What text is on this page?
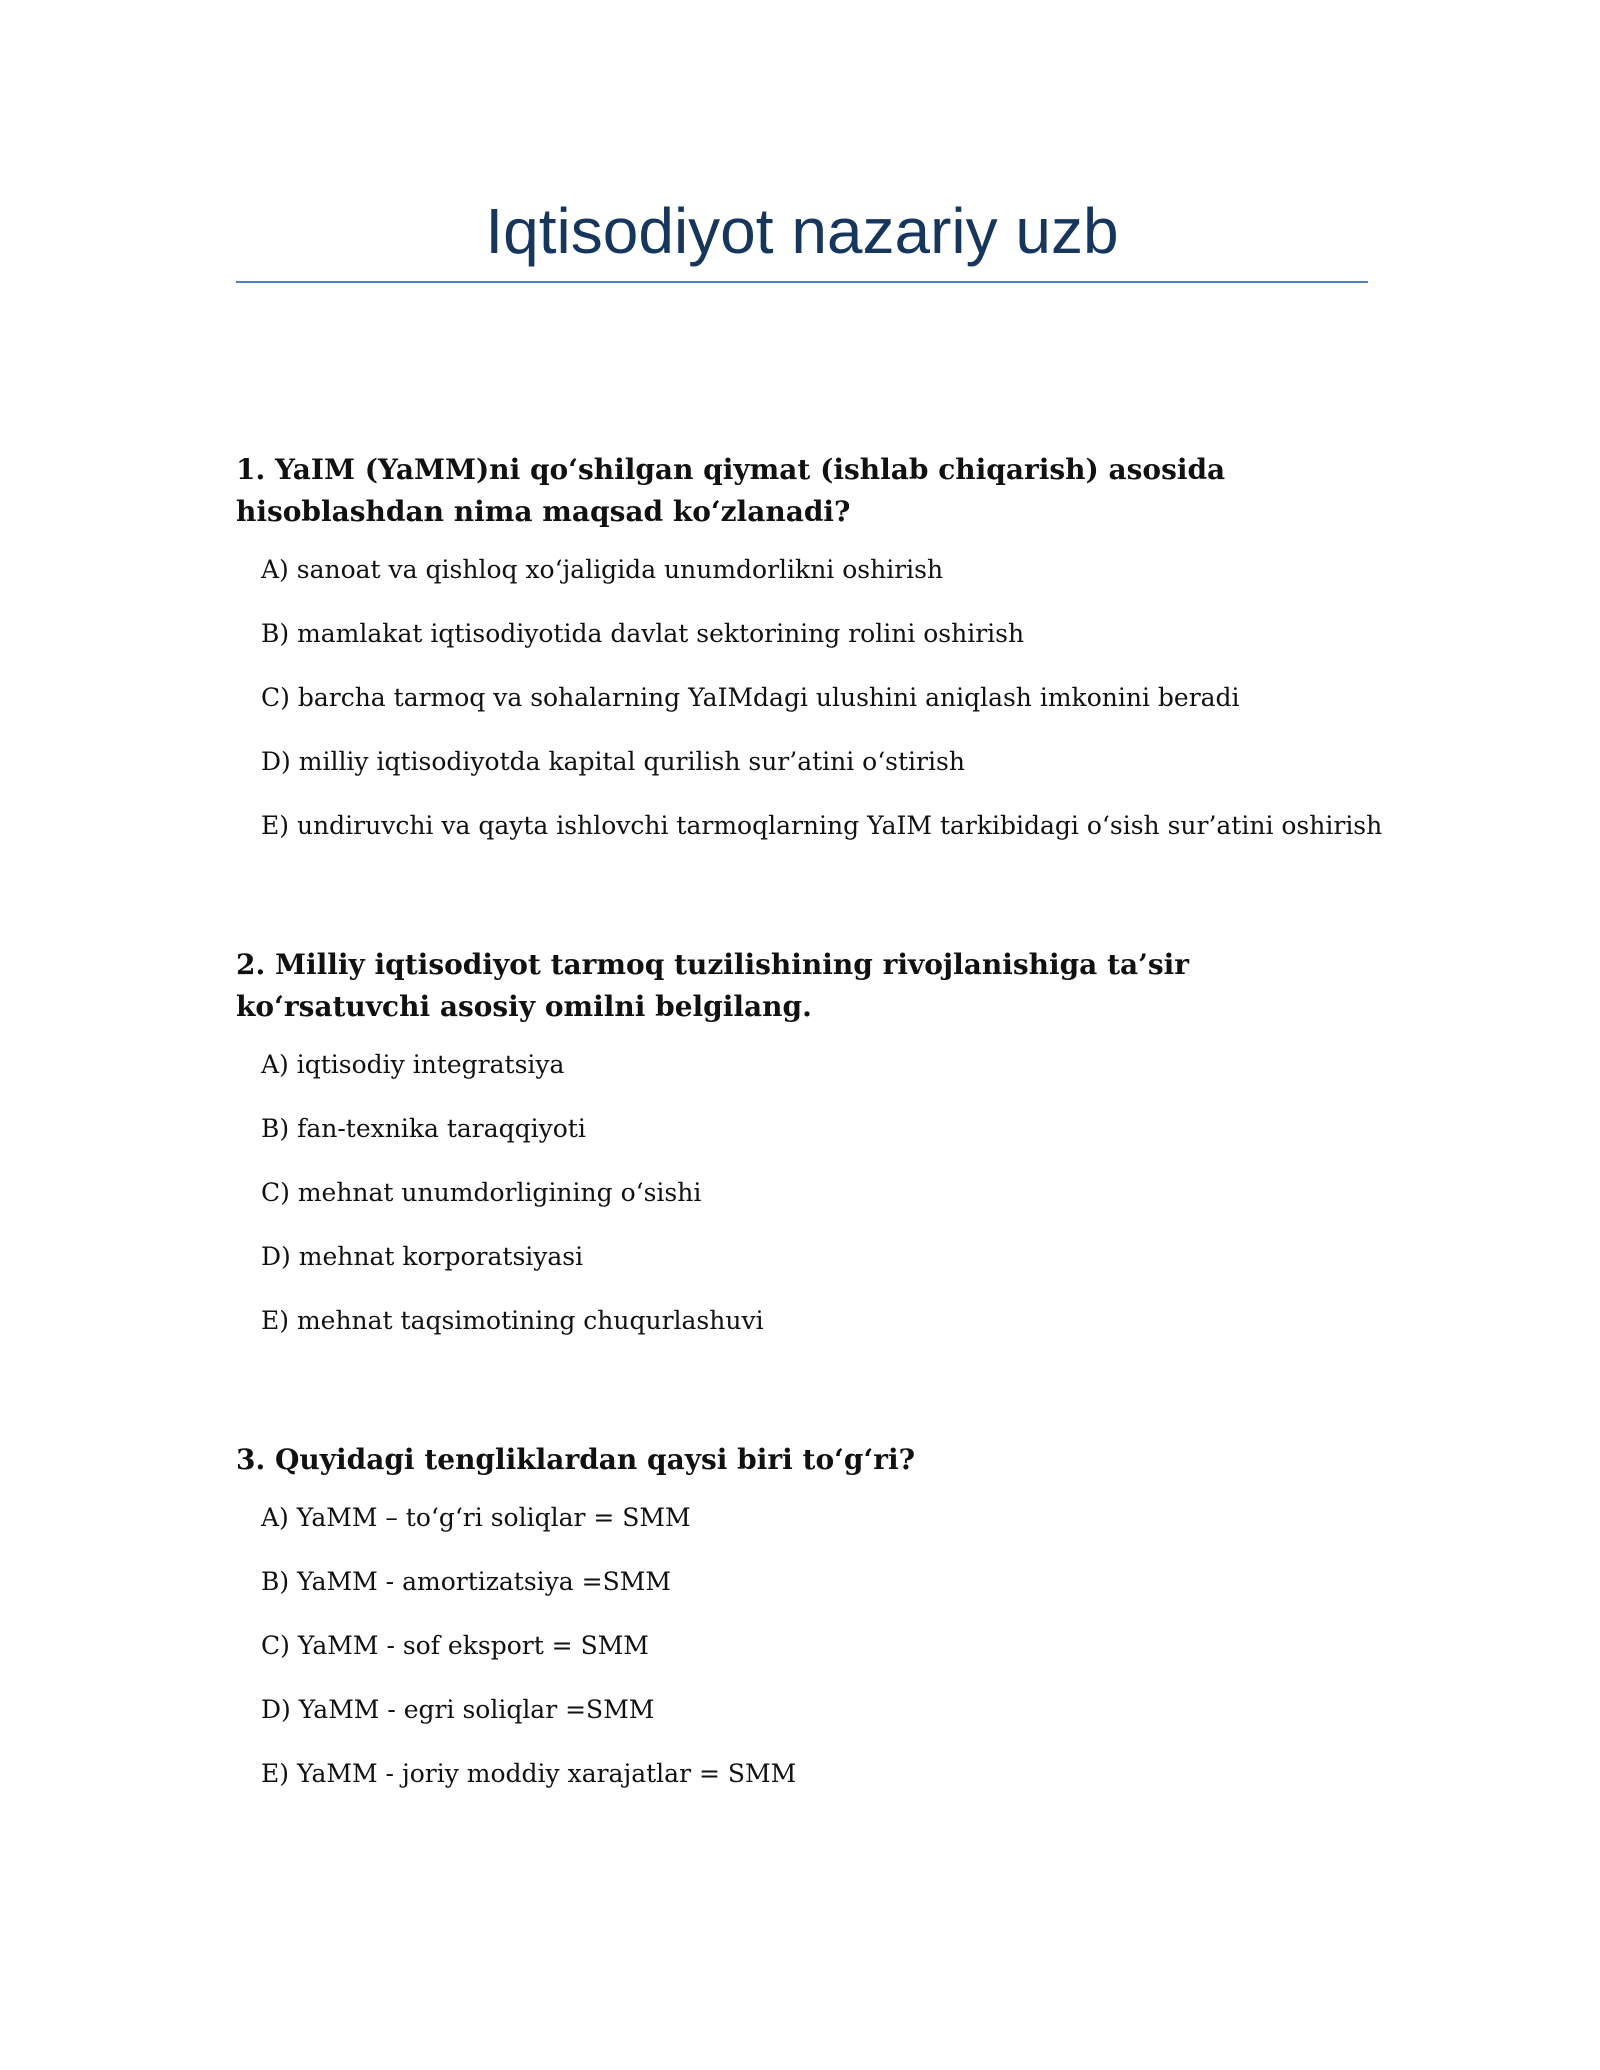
Iqtisodiyot nazariy uzb

1. YaIM (YaMM)ni qo‘shilgan qiymat (ishlab chiqarish) asosida hisoblashdan nima maqsad ko‘zlanadi?

A) sanoat va qishloq xo‘jaligida unumdorlikni oshirish
B) mamlakat iqtisodiyotida davlat sektorining rolini oshirish
C) barcha tarmoq va sohalarning YaIMdagi ulushini aniqlash imkonini beradi
D) milliy iqtisodiyotda kapital qurilish sur’atini o‘stirish
E) undiruvchi va qayta ishlovchi tarmoqlarning YaIM tarkibidagi o‘sish sur’atini oshirish

2. Milliy iqtisodiyot tarmoq tuzilishining rivojlanishiga ta’sir ko‘rsatuvchi asosiy omilni belgilang.

A) iqtisodiy integratsiya
B) fan-texnika taraqqiyoti
C) mehnat unumdorligining o‘sishi
D) mehnat korporatsiyasi
E) mehnat taqsimotining chuqurlashuvi

3. Quyidagi tengliklardan qaysi biri to‘g‘ri?

A) YaMM – to‘g‘ri soliqlar = SMM
B) YaMM - amortizatsiya =SMM
C) YaMM - sof eksport = SMM
D) YaMM - egri soliqlar =SMM
E) YaMM - joriy moddiy xarajatlar = SMM
